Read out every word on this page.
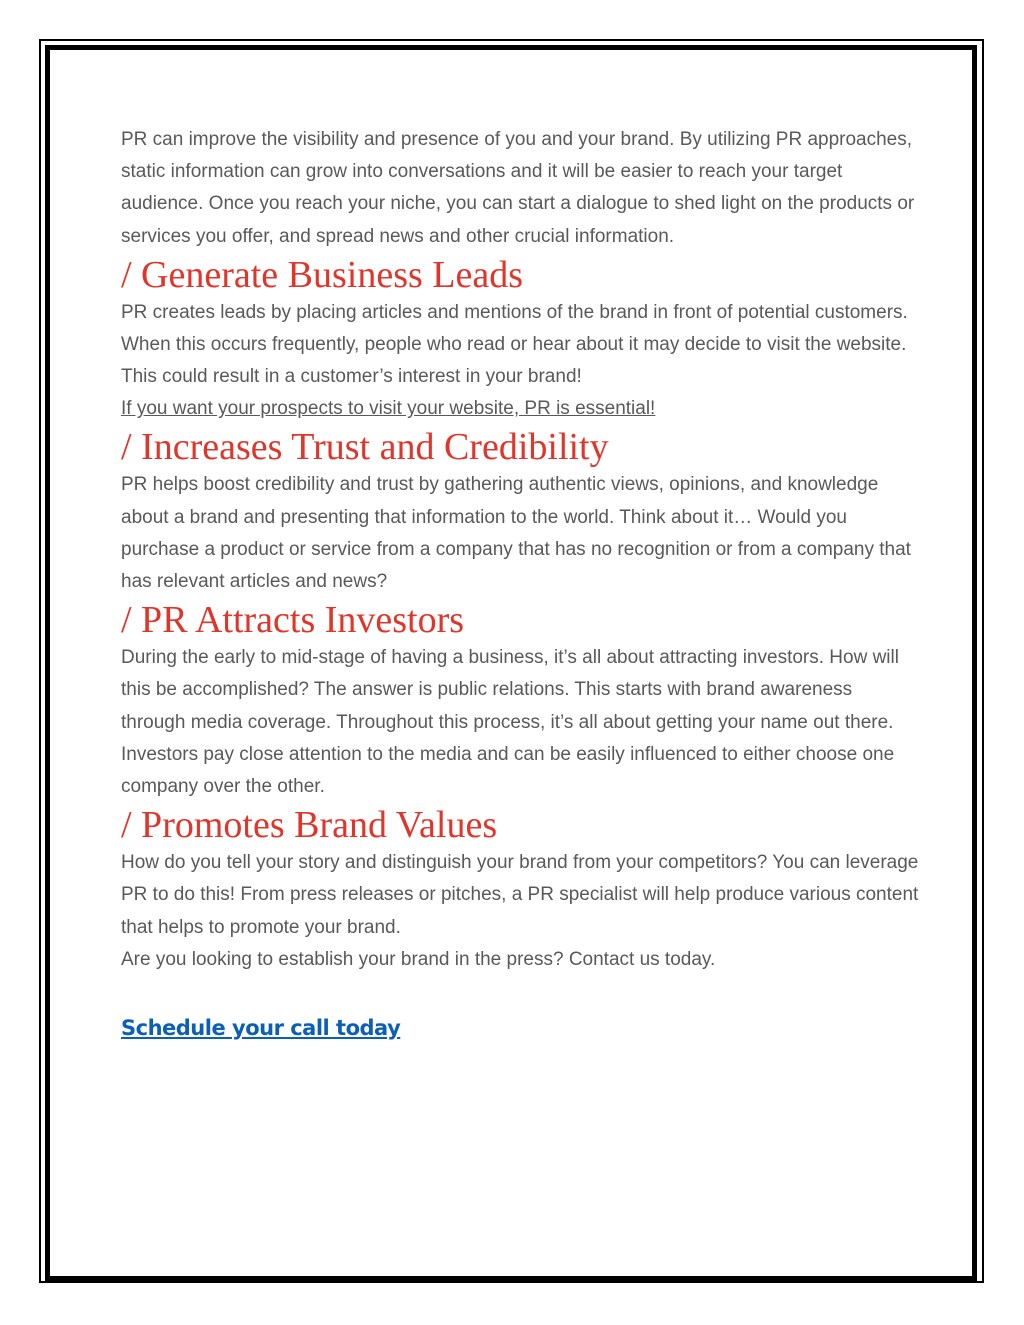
PR can improve the visibility and presence of you and your brand. By utilizing PR approaches, static information can grow into conversations and it will be easier to reach your target audience. Once you reach your niche, you can start a dialogue to shed light on the products or services you offer, and spread news and other crucial information.

/ Generate Business Leads

PR creates leads by placing articles and mentions of the brand in front of potential customers. When this occurs frequently, people who read or hear about it may decide to visit the website. This could result in a customer’s interest in your brand!

If you want your prospects to visit your website, PR is essential!

/ Increases Trust and Credibility

PR helps boost credibility and trust by gathering authentic views, opinions, and knowledge about a brand and presenting that information to the world. Think about it… Would you purchase a product or service from a company that has no recognition or from a company that has relevant articles and news?

/ PR Attracts Investors

During the early to mid-stage of having a business, it’s all about attracting investors. How will this be accomplished? The answer is public relations. This starts with brand awareness through media coverage. Throughout this process, it’s all about getting your name out there. Investors pay close attention to the media and can be easily influenced to either choose one company over the other.

/ Promotes Brand Values

How do you tell your story and distinguish your brand from your competitors? You can leverage PR to do this! From press releases or pitches, a PR specialist will help produce various content that helps to promote your brand.

Are you looking to establish your brand in the press? Contact us today.

Schedule your call today
